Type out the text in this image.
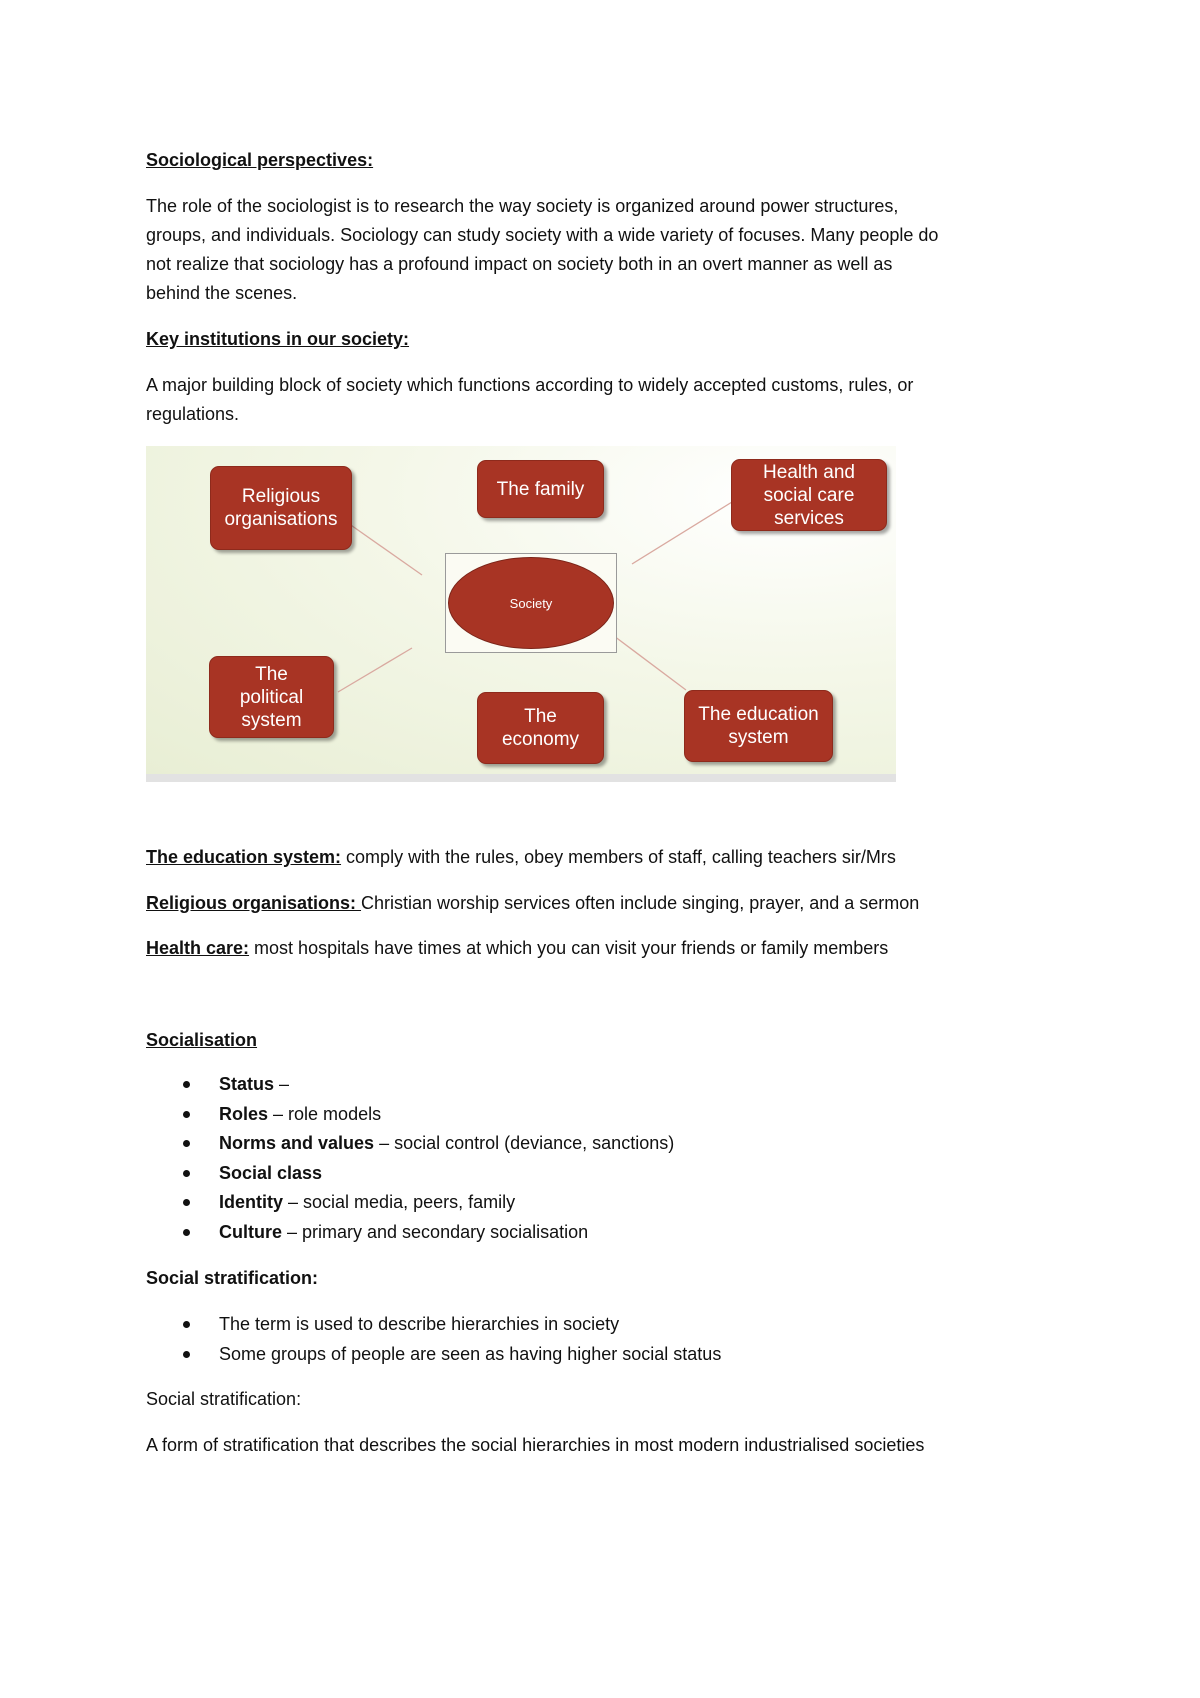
Sociological perspectives:

The role of the sociologist is to research the way society is organized around power structures,
groups, and individuals. Sociology can study society with a wide variety of focuses. Many people do
not realize that sociology has a profound impact on society both in an overt manner as well as
behind the scenes.

Key institutions in our society:

A major building block of society which functions according to widely accepted customs, rules, or
regulations.
Religious
organisations
The family
Health and
social care
services
Society
The
political
system	The
economy
The education
system

The education system: comply with the rules, obey members of staff, calling teachers sir/Mrs

Religious organisations: Christian worship services often include singing, prayer, and a sermon

Health care: most hospitals have times at which you can visit your friends or family members

Socialisation

Status –
Roles – role models
Norms and values – social control (deviance, sanctions)
Social class
Identity – social media, peers, family
Culture – primary and secondary socialisation

Social stratification:

The term is used to describe hierarchies in society
Some groups of people are seen as having higher social status

Social stratification:

A form of stratification that describes the social hierarchies in most modern industrialised societies
